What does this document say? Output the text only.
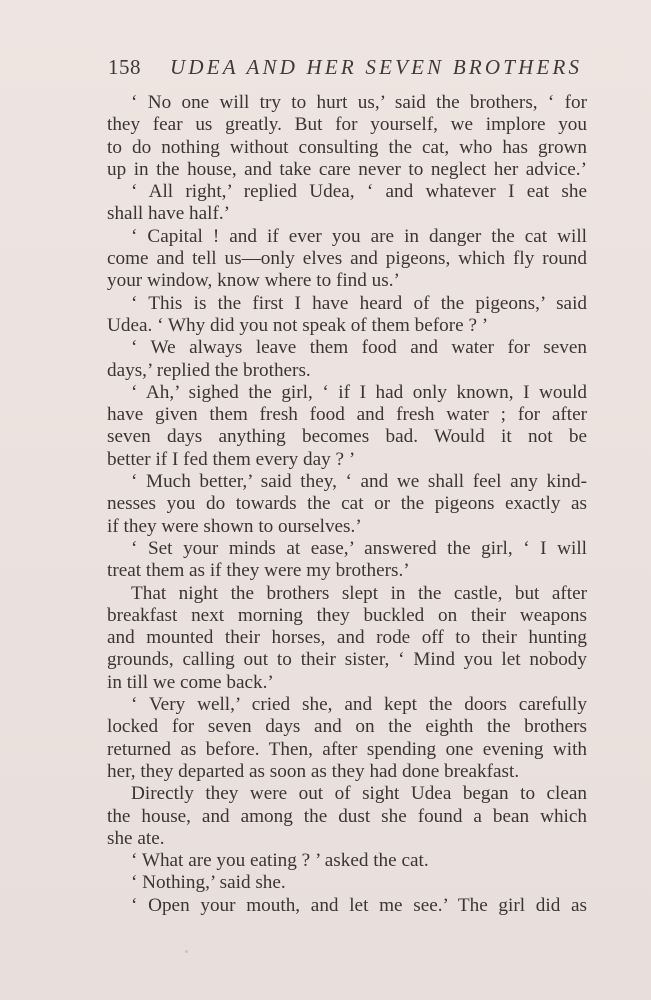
158 UDEA AND HER SEVEN BROTHERS
‘ No one will try to hurt us,’ said the brothers, ‘ for
they fear us greatly. But for yourself, we implore you
to do nothing without consulting the cat, who has grown
up in the house, and take care never to neglect her advice.’
‘ All right,’ replied Udea, ‘ and whatever I eat she
shall have half.’
‘ Capital ! and if ever you are in danger the cat will
come and tell us—only elves and pigeons, which fly round
your window, know where to find us.’
‘ This is the first I have heard of the pigeons,’ said
Udea. ‘ Why did you not speak of them before ? ’
‘ We always leave them food and water for seven
days,’ replied the brothers.
‘ Ah,’ sighed the girl, ‘ if I had only known, I would
have given them fresh food and fresh water ; for after
seven days anything becomes bad. Would it not be
better if I fed them every day ? ’
‘ Much better,’ said they, ‘ and we shall feel any kind-
nesses you do towards the cat or the pigeons exactly as
if they were shown to ourselves.’
‘ Set your minds at ease,’ answered the girl, ‘ I will
treat them as if they were my brothers.’
That night the brothers slept in the castle, but after
breakfast next morning they buckled on their weapons
and mounted their horses, and rode off to their hunting
grounds, calling out to their sister, ‘ Mind you let nobody
in till we come back.’
‘ Very well,’ cried she, and kept the doors carefully
locked for seven days and on the eighth the brothers
returned as before. Then, after spending one evening with
her, they departed as soon as they had done breakfast.
Directly they were out of sight Udea began to clean
the house, and among the dust she found a bean which
she ate.
‘ What are you eating ? ’ asked the cat.
‘ Nothing,’ said she.
‘ Open your mouth, and let me see.’ The girl did as
